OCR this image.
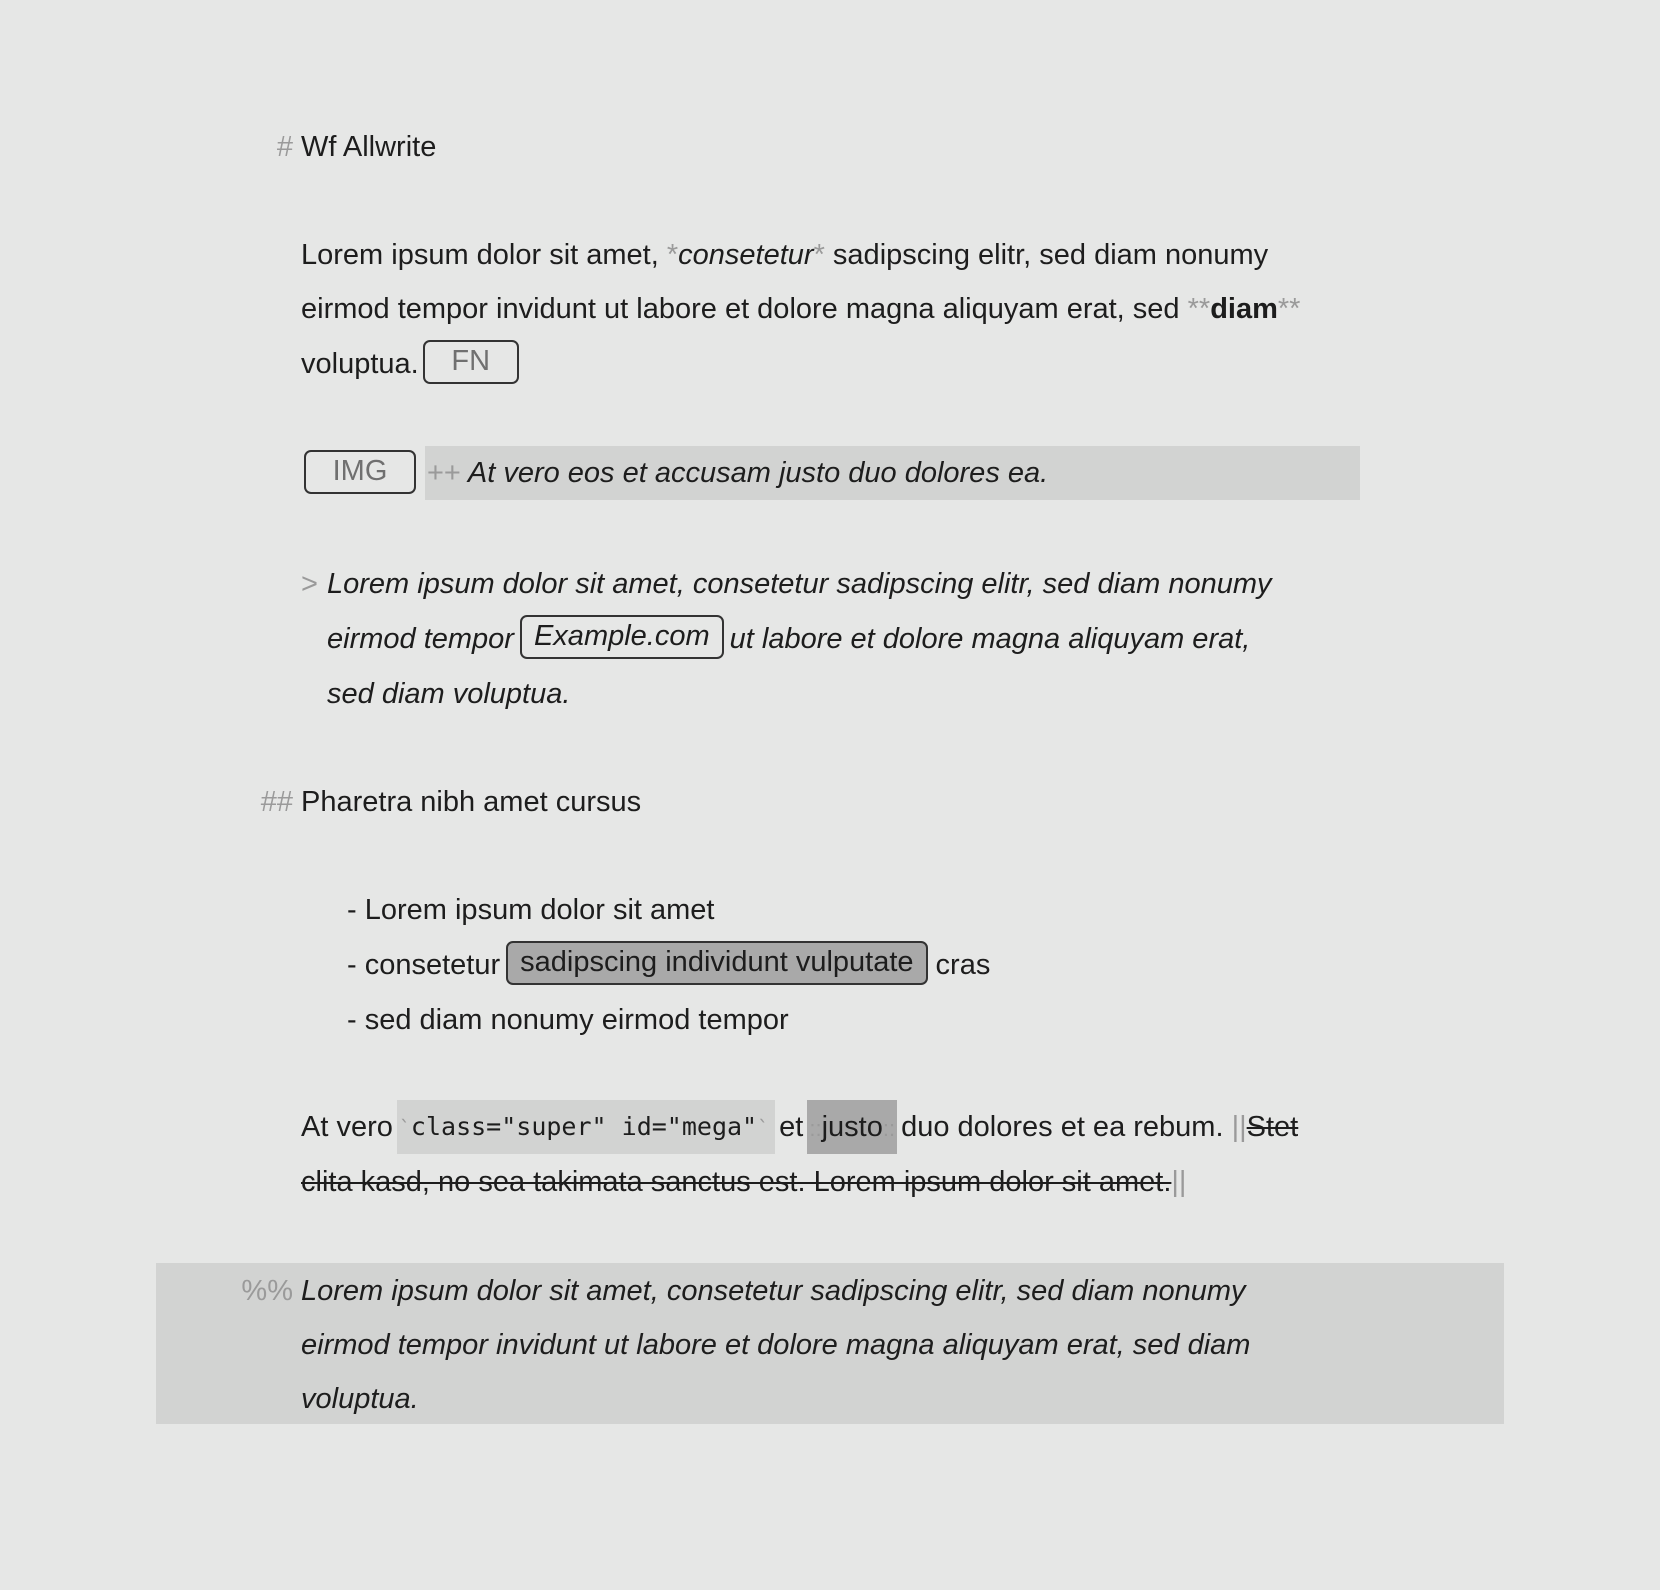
# Wf Allwrite
Lorem ipsum dolor sit amet, *consetetur* sadipscing elitr, sed diam nonumy
eirmod tempor invidunt ut labore et dolore magna aliquyam erat, sed **diam**
voluptua. FN
IMG	++ At vero eos et accusam justo duo dolores ea.
> Lorem ipsum dolor sit amet, consetetur sadipscing elitr, sed diam nonumy
eirmod tempor Example.com ut labore et dolore magna aliquyam erat,
sed diam voluptua.
## Pharetra nibh amet cursus
- Lorem ipsum dolor sit amet
- consetetur sadipscing individunt vulputate cras
- sed diam nonumy eirmod tempor
At vero `class="super" id="mega"` et ::justo:: duo dolores et ea rebum. ||Stet
clita kasd, no sea takimata sanctus est. Lorem ipsum dolor sit amet.||
%% Lorem ipsum dolor sit amet, consetetur sadipscing elitr, sed diam nonumy
eirmod tempor invidunt ut labore et dolore magna aliquyam erat, sed diam
voluptua.
